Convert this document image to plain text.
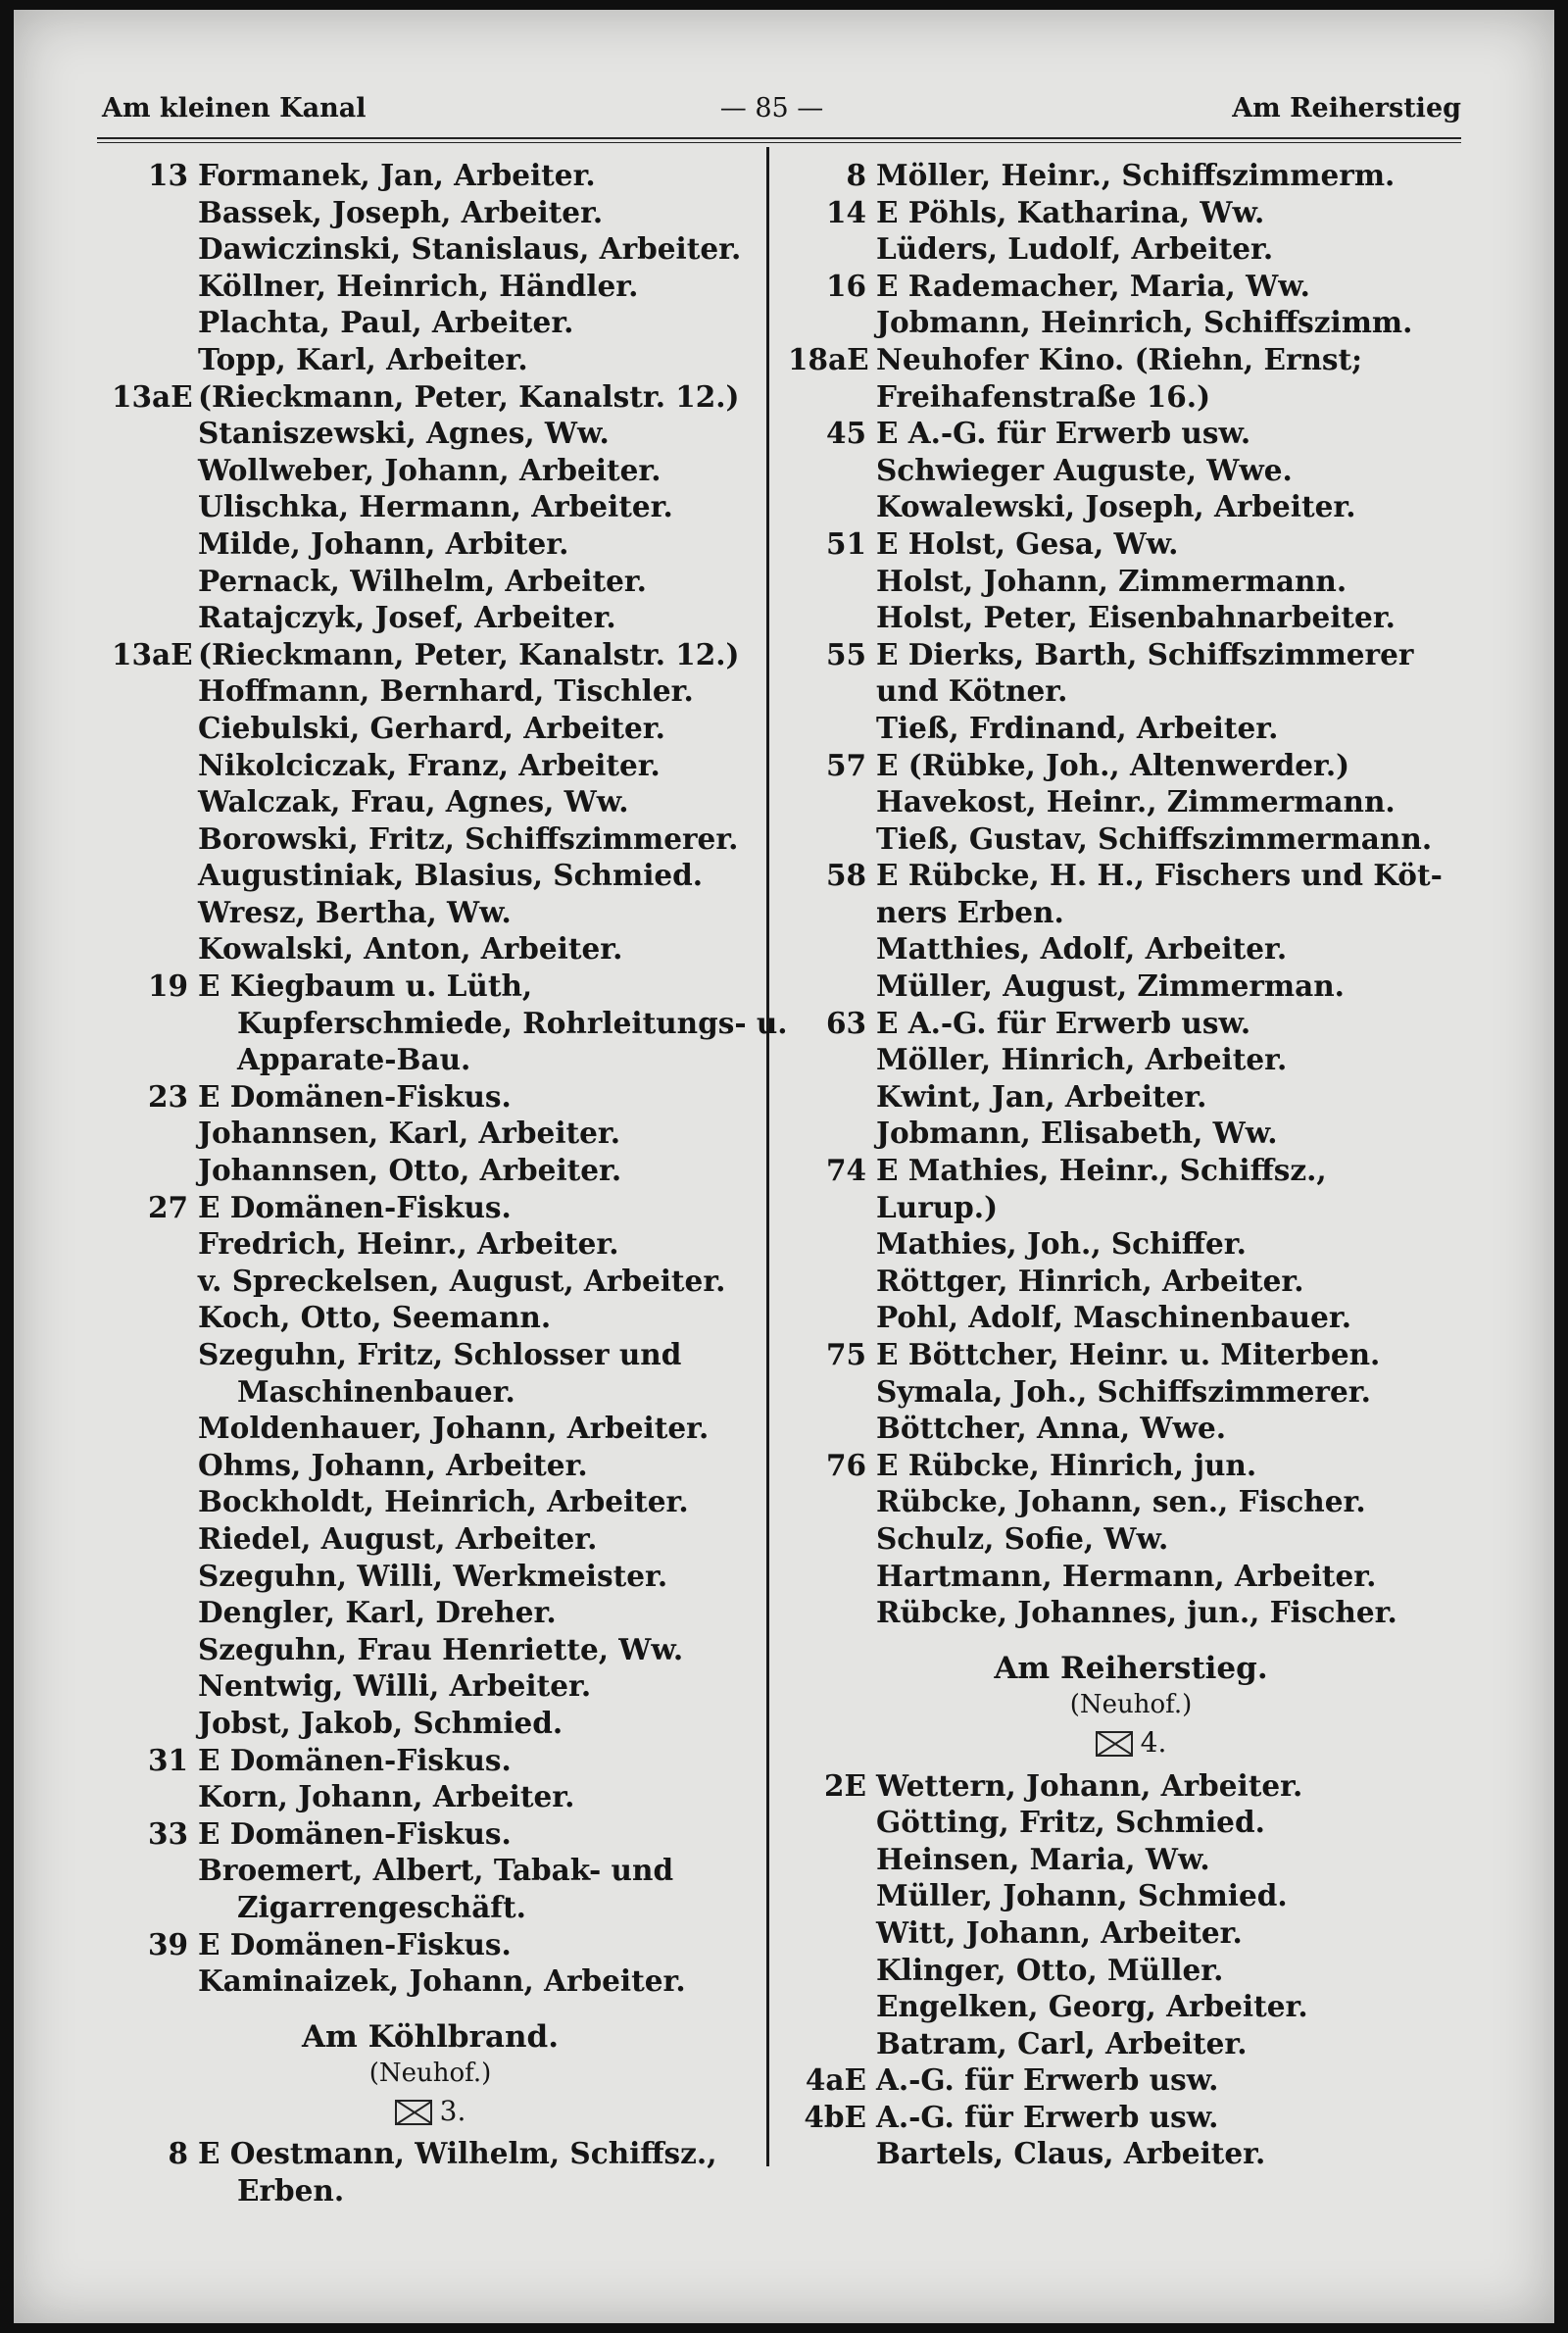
Am kleinen Kanal	— 85 —	Am Reiherstieg
13 Formanek, Jan, Arbeiter.
Bassek, Joseph, Arbeiter.
Dawiczinski, Stanislaus, Arbeiter.
Köllner, Heinrich, Händler.
Plachta, Paul, Arbeiter.
Topp, Karl, Arbeiter.
13aE (Rieckmann, Peter, Kanalstr. 12.)
Staniszewski, Agnes, Ww.
Wollweber, Johann, Arbeiter.
Ulischka, Hermann, Arbeiter.
Milde, Johann, Arbiter.
Pernack, Wilhelm, Arbeiter.
Ratajczyk, Josef, Arbeiter.
13aE (Rieckmann, Peter, Kanalstr. 12.)
Hoffmann, Bernhard, Tischler.
Ciebulski, Gerhard, Arbeiter.
Nikolciczak, Franz, Arbeiter.
Walczak, Frau, Agnes, Ww.
Borowski, Fritz, Schiffszimmerer.
Augustiniak, Blasius, Schmied.
Wresz, Bertha, Ww.
Kowalski, Anton, Arbeiter.
19 E Kiegbaum u. Lüth,
Kupferschmiede, Rohrleitungs- u.
Apparate-Bau.
23 E Domänen-Fiskus.
Johannsen, Karl, Arbeiter.
Johannsen, Otto, Arbeiter.
27 E Domänen-Fiskus.
Fredrich, Heinr., Arbeiter.
v. Spreckelsen, August, Arbeiter.
Koch, Otto, Seemann.
Szeguhn, Fritz, Schlosser und
Maschinenbauer.
Moldenhauer, Johann, Arbeiter.
Ohms, Johann, Arbeiter.
Bockholdt, Heinrich, Arbeiter.
Riedel, August, Arbeiter.
Szeguhn, Willi, Werkmeister.
Dengler, Karl, Dreher.
Szeguhn, Frau Henriette, Ww.
Nentwig, Willi, Arbeiter.
Jobst, Jakob, Schmied.
31 E Domänen-Fiskus.
Korn, Johann, Arbeiter.
33 E Domänen-Fiskus.
Broemert, Albert, Tabak- und
Zigarrengeschäft.
39 E Domänen-Fiskus.
Kaminaizek, Johann, Arbeiter.
Am Köhlbrand.
(Neuhof.)
3.
8 E Oestmann, Wilhelm, Schiffsz.,
Erben.
8 Möller, Heinr., Schiffszimmerm.
14 E Pöhls, Katharina, Ww.
Lüders, Ludolf, Arbeiter.
16 E Rademacher, Maria, Ww.
Jobmann, Heinrich, Schiffszimm.
18aE Neuhofer Kino. (Riehn, Ernst;
Freihafenstraße 16.)
45 E A.-G. für Erwerb usw.
Schwieger Auguste, Wwe.
Kowalewski, Joseph, Arbeiter.
51 E Holst, Gesa, Ww.
Holst, Johann, Zimmermann.
Holst, Peter, Eisenbahnarbeiter.
55 E Dierks, Barth, Schiffszimmerer
und Kötner.
Tieß, Frdinand, Arbeiter.
57 E (Rübke, Joh., Altenwerder.)
Havekost, Heinr., Zimmermann.
Tieß, Gustav, Schiffszimmermann.
58 E Rübcke, H. H., Fischers und Köt-
ners Erben.
Matthies, Adolf, Arbeiter.
Müller, August, Zimmerman.
63 E A.-G. für Erwerb usw.
Möller, Hinrich, Arbeiter.
Kwint, Jan, Arbeiter.
Jobmann, Elisabeth, Ww.
74 E Mathies, Heinr., Schiffsz.,
Lurup.)
Mathies, Joh., Schiffer.
Röttger, Hinrich, Arbeiter.
Pohl, Adolf, Maschinenbauer.
75 E Böttcher, Heinr. u. Miterben.
Symala, Joh., Schiffszimmerer.
Böttcher, Anna, Wwe.
76 E Rübcke, Hinrich, jun.
Rübcke, Johann, sen., Fischer.
Schulz, Sofie, Ww.
Hartmann, Hermann, Arbeiter.
Rübcke, Johannes, jun., Fischer.
Am Reiherstieg.
(Neuhof.)
4.
2E Wettern, Johann, Arbeiter.
Götting, Fritz, Schmied.
Heinsen, Maria, Ww.
Müller, Johann, Schmied.
Witt, Johann, Arbeiter.
Klinger, Otto, Müller.
Engelken, Georg, Arbeiter.
Batram, Carl, Arbeiter.
4aE A.-G. für Erwerb usw.
4bE A.-G. für Erwerb usw.
Bartels, Claus, Arbeiter.
